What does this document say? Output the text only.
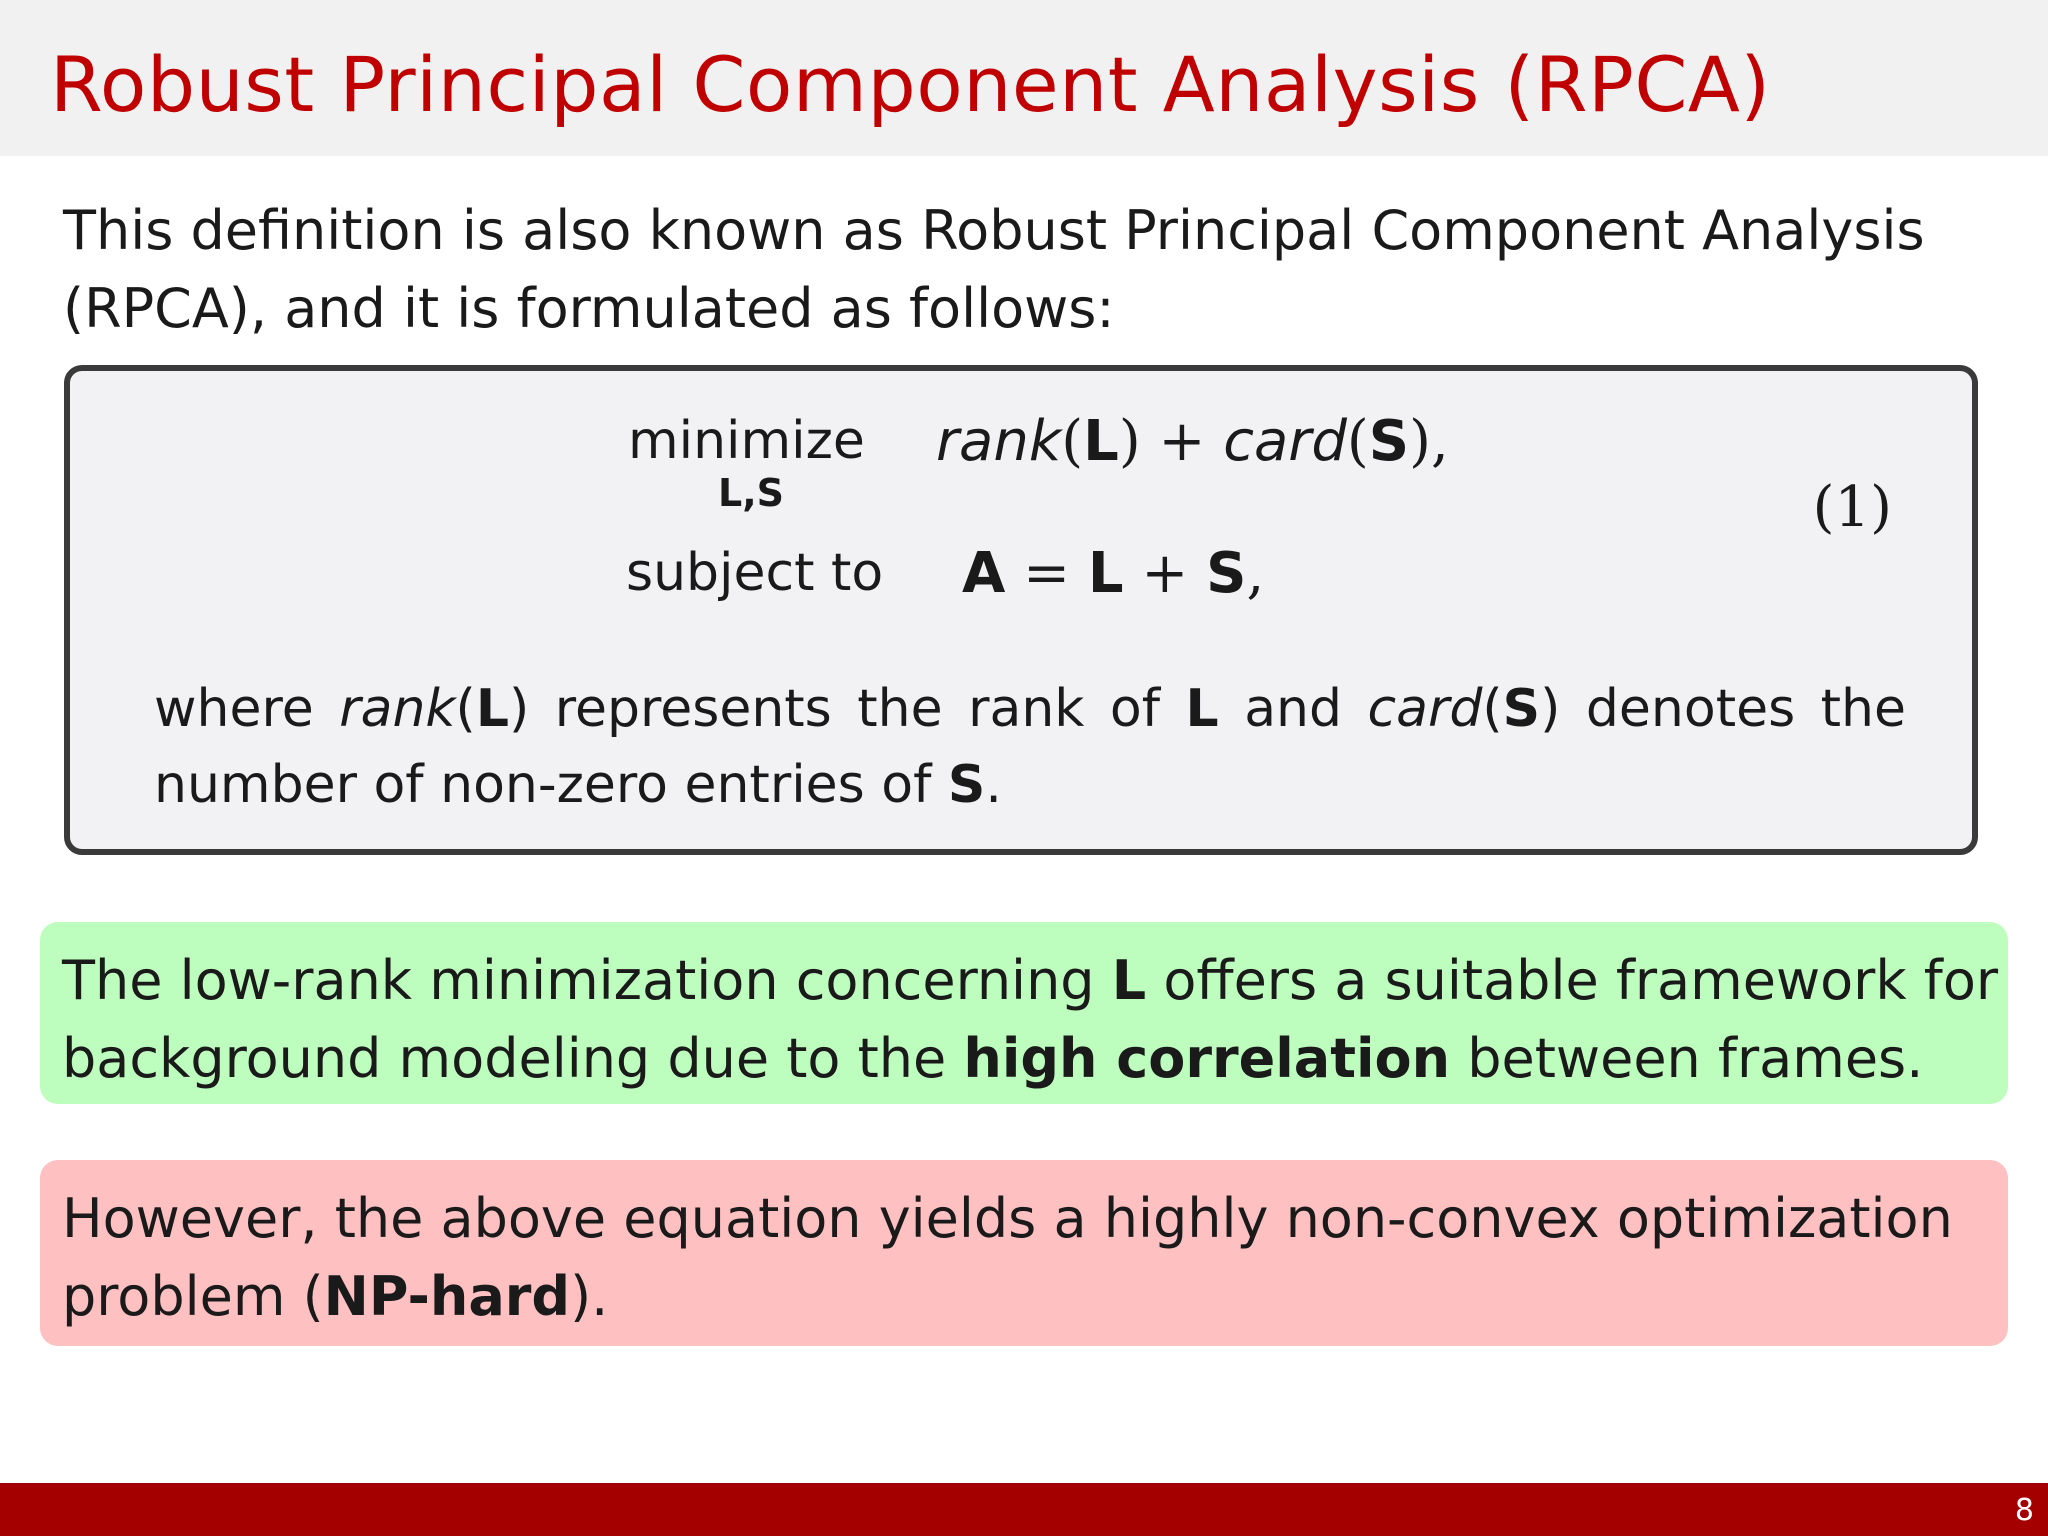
Robust Principal Component Analysis (RPCA)
This definition is also known as Robust Principal Component Analysis
(RPCA), and it is formulated as follows:
minimize
L,S
rank(L) + card(S),
subject to A = L + S,
(1)
where rank(L) represents the rank of L and card(S) denotes the number of non-zero entries of S.
The low-rank minimization concerning L offers a suitable framework for
background modeling due to the high correlation between frames.
However, the above equation yields a highly non-convex optimization
problem (NP-hard).
8
